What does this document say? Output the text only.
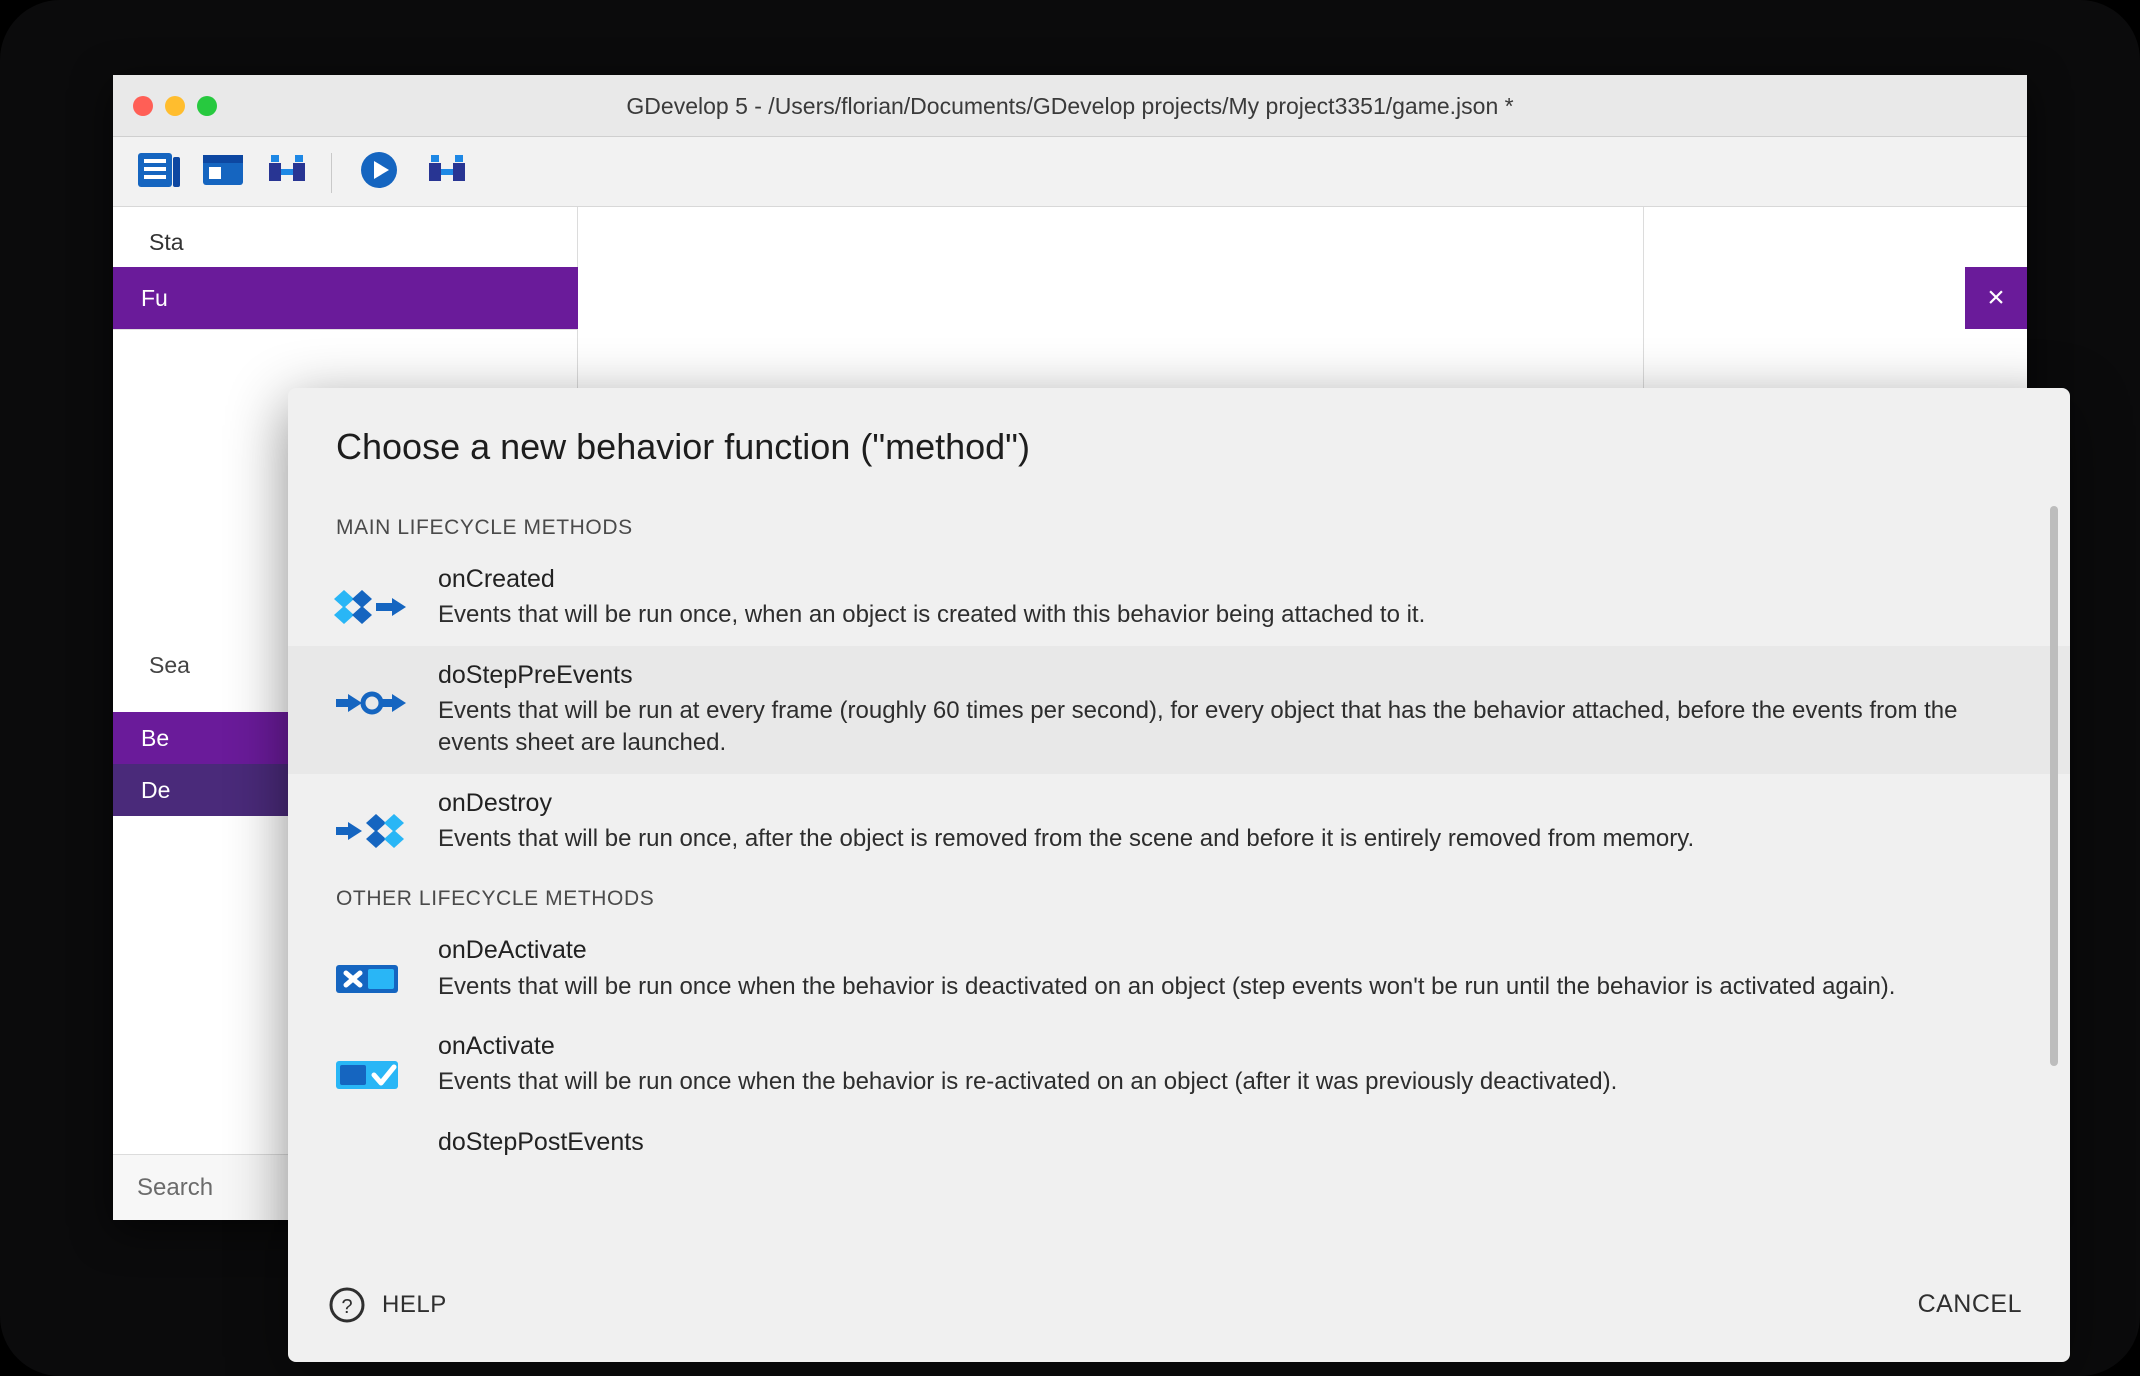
GDevelop 5 - /Users/florian/Documents/GDevelop projects/My project3351/game.json *
Sta
Fu
Sea
Be
De
×
Search
Choose a new behavior function ("method")
MAIN LIFECYCLE METHODS
onCreated
Events that will be run once, when an object is created with this behavior being attached to it.
doStepPreEvents
Events that will be run at every frame (roughly 60 times per second), for every object that has the behavior attached, before the events from the events sheet are launched.
onDestroy
Events that will be run once, after the object is removed from the scene and before it is entirely removed from memory.
OTHER LIFECYCLE METHODS
onDeActivate
Events that will be run once when the behavior is deactivated on an object (step events won't be run until the behavior is activated again).
onActivate
Events that will be run once when the behavior is re-activated on an object (after it was previously deactivated).
doStepPostEvents
? HELP	CANCEL
